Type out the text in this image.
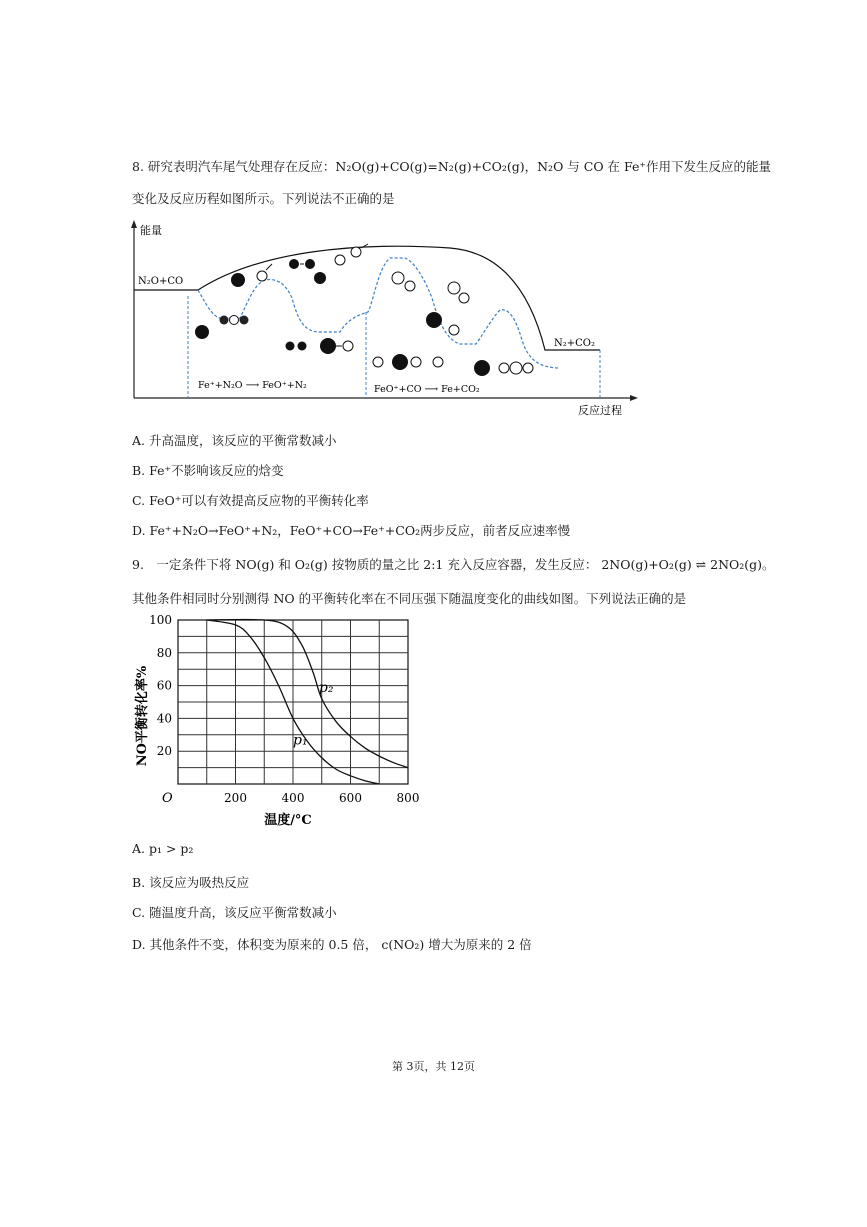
8. 研究表明汽车尾气处理存在反应：N₂O(g)+CO(g)=N₂(g)+CO₂(g)，N₂O 与 CO 在 Fe⁺作用下发生反应的能量
变化及反应历程如图所示。下列说法不正确的是
能量
反应过程
N₂O+CO
N₂+CO₂
Fe⁺+N₂O ⟶ FeO⁺+N₂	FeO⁺+CO ⟶ Fe+CO₂
A. 升高温度，该反应的平衡常数减小
B. Fe⁺不影响该反应的焓变
C. FeO⁺可以有效提高反应物的平衡转化率
D. Fe⁺+N₂O→FeO⁺+N₂，FeO⁺+CO→Fe⁺+CO₂两步反应，前者反应速率慢
9.　一定条件下将 NO(g) 和 O₂(g) 按物质的量之比 2:1 充入反应容器，发生反应： 2NO(g)+O₂(g) ⇌ 2NO₂(g)。
其他条件相同时分别测得 NO 的平衡转化率在不同压强下随温度变化的曲线如图。下列说法正确的是
p₁
p₂
200	400	600	800
20
40
60
80
100
NO平衡转化率%
温度/°C
O
A. p₁ > p₂
B. 该反应为吸热反应
C. 随温度升高，该反应平衡常数减小
D. 其他条件不变，体积变为原来的 0.5 倍， c(NO₂) 增大为原来的 2 倍
第 3页，共 12页
